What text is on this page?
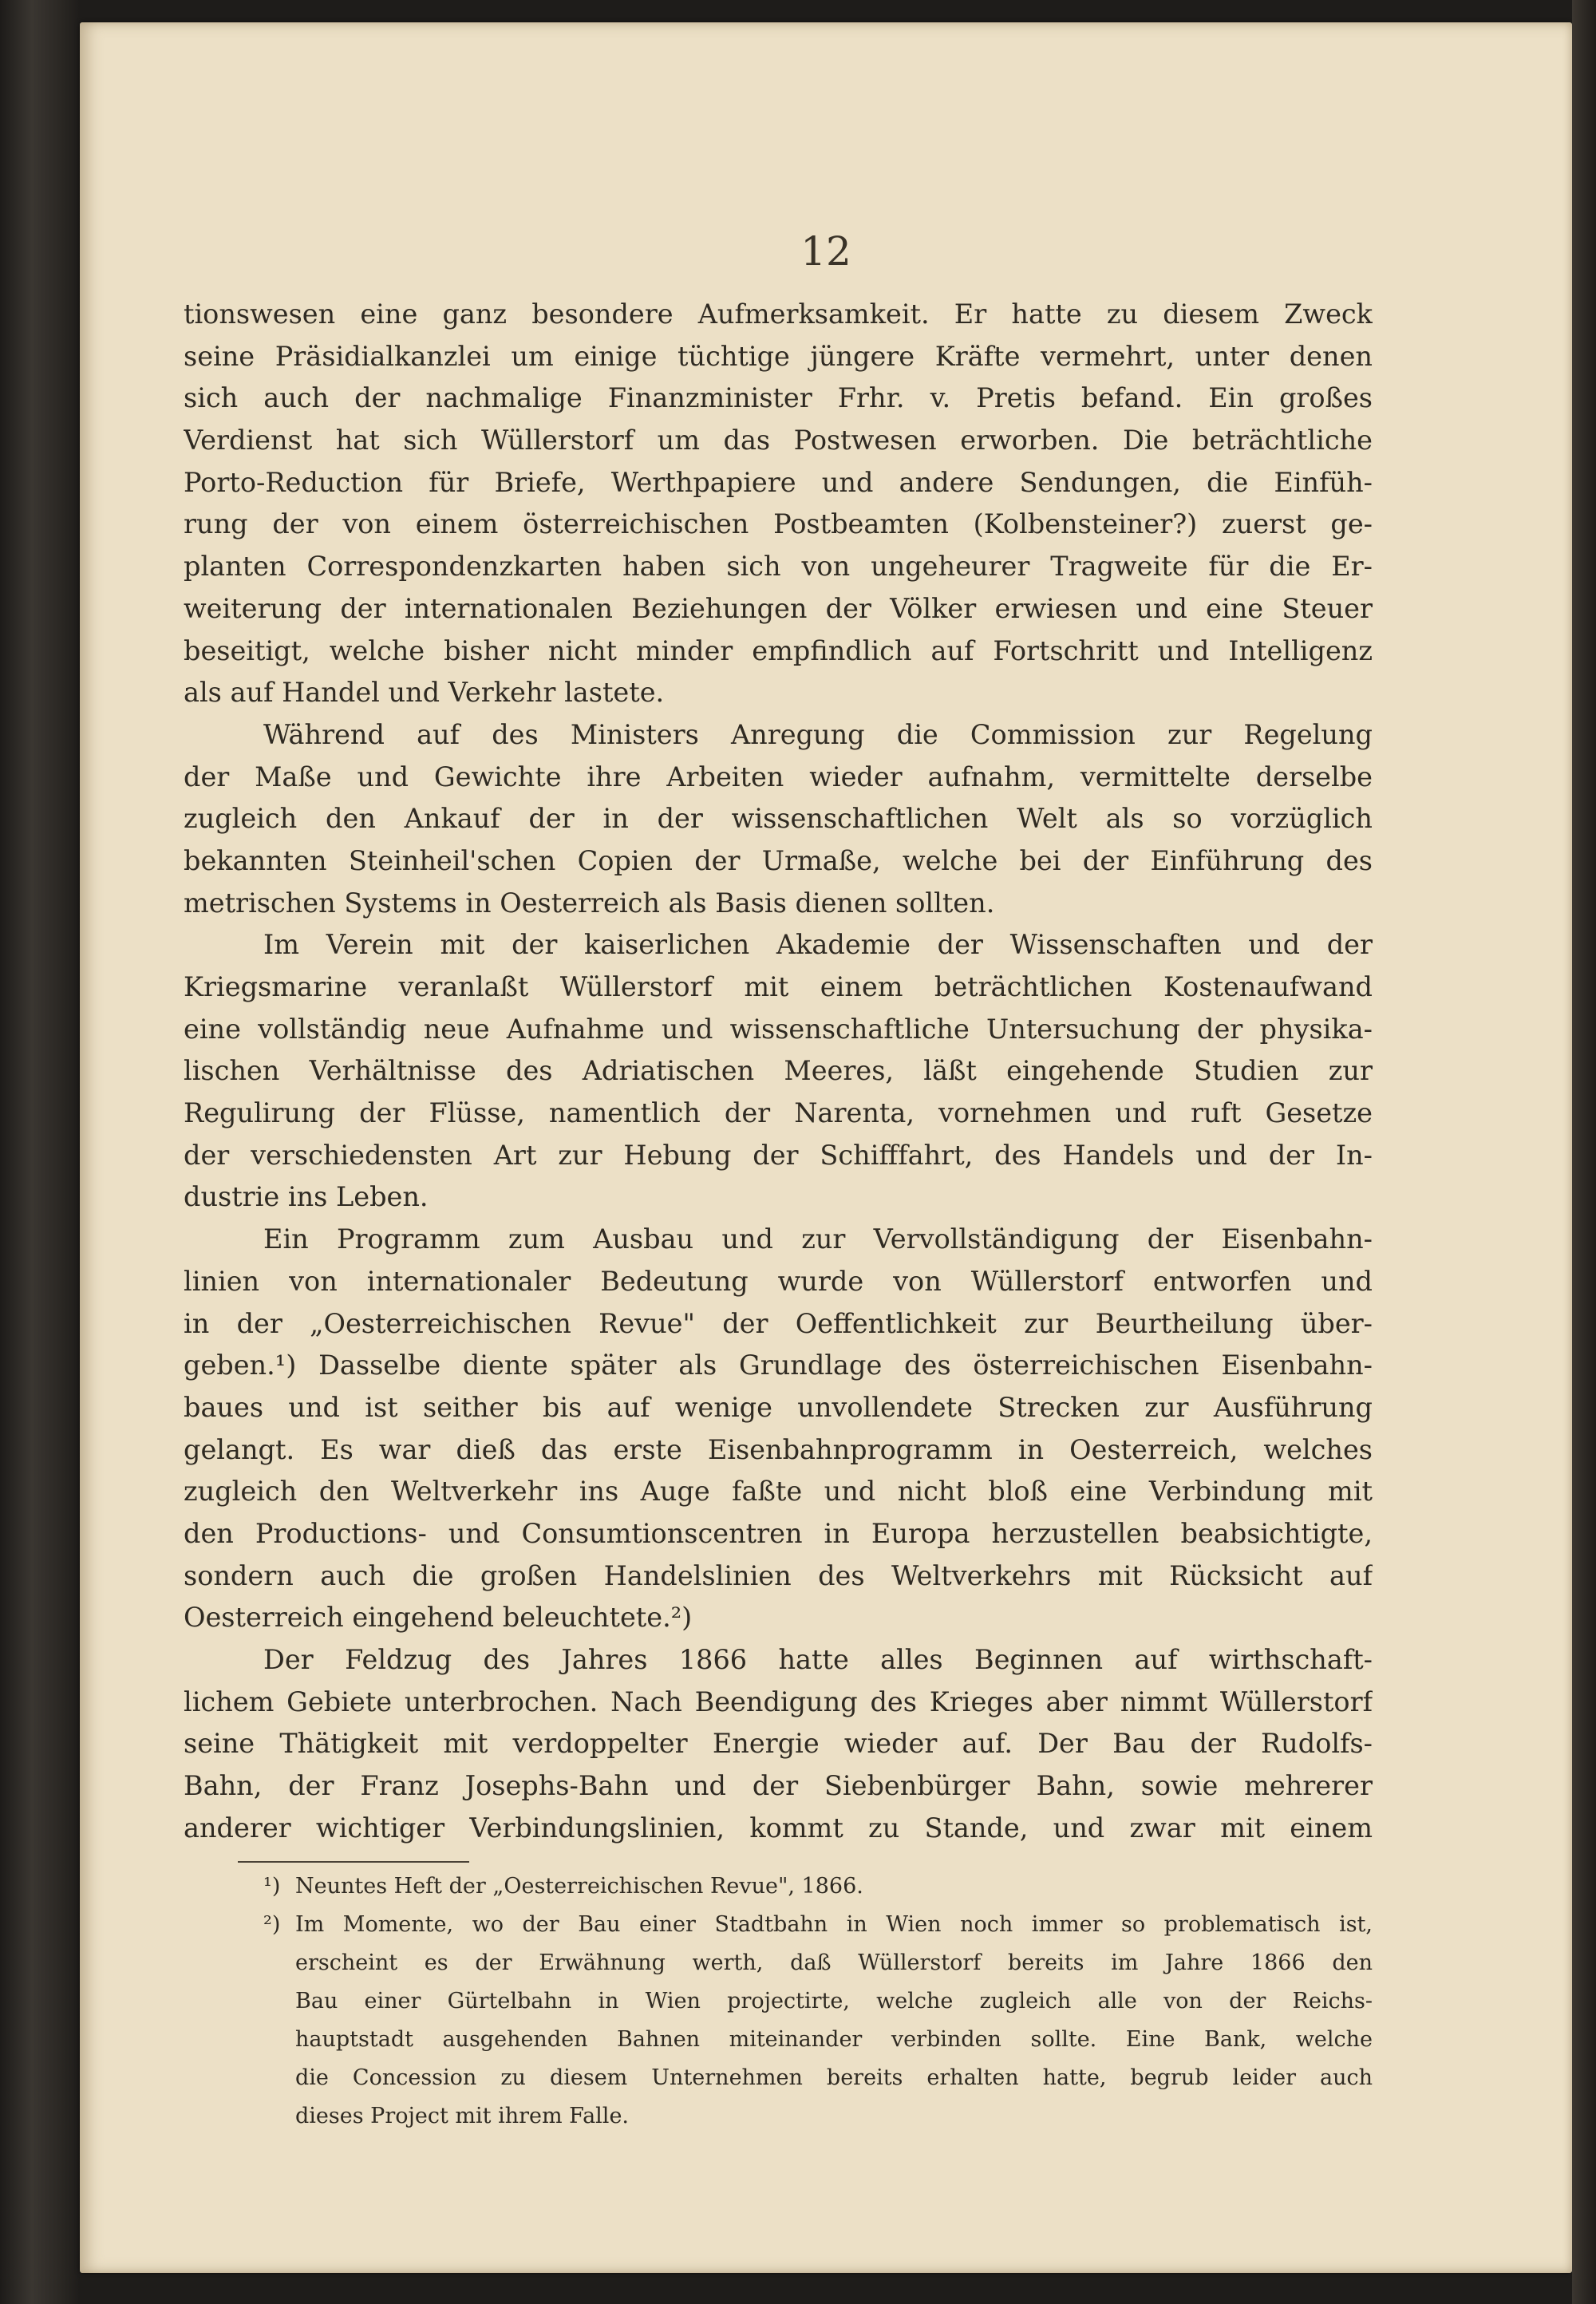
12
tionswesen eine ganz besondere Aufmerksamkeit. Er hatte zu diesem Zweck
seine Präsidialkanzlei um einige tüchtige jüngere Kräfte vermehrt, unter denen
sich auch der nachmalige Finanzminister Frhr. v. Pretis befand. Ein großes
Verdienst hat sich Wüllerstorf um das Postwesen erworben. Die beträchtliche
Porto-Reduction für Briefe, Werthpapiere und andere Sendungen, die Einfüh-
rung der von einem österreichischen Postbeamten (Kolbensteiner?) zuerst ge-
planten Correspondenzkarten haben sich von ungeheurer Tragweite für die Er-
weiterung der internationalen Beziehungen der Völker erwiesen und eine Steuer
beseitigt, welche bisher nicht minder empfindlich auf Fortschritt und Intelligenz
als auf Handel und Verkehr lastete.
Während auf des Ministers Anregung die Commission zur Regelung
der Maße und Gewichte ihre Arbeiten wieder aufnahm, vermittelte derselbe
zugleich den Ankauf der in der wissenschaftlichen Welt als so vorzüglich
bekannten Steinheil'schen Copien der Urmaße, welche bei der Einführung des
metrischen Systems in Oesterreich als Basis dienen sollten.
Im Verein mit der kaiserlichen Akademie der Wissenschaften und der
Kriegsmarine veranlaßt Wüllerstorf mit einem beträchtlichen Kostenaufwand
eine vollständig neue Aufnahme und wissenschaftliche Untersuchung der physika-
lischen Verhältnisse des Adriatischen Meeres, läßt eingehende Studien zur
Regulirung der Flüsse, namentlich der Narenta, vornehmen und ruft Gesetze
der verschiedensten Art zur Hebung der Schifffahrt, des Handels und der In-
dustrie ins Leben.
Ein Programm zum Ausbau und zur Vervollständigung der Eisenbahn-
linien von internationaler Bedeutung wurde von Wüllerstorf entworfen und
in der „Oesterreichischen Revue" der Oeffentlichkeit zur Beurtheilung über-
geben.¹) Dasselbe diente später als Grundlage des österreichischen Eisenbahn-
baues und ist seither bis auf wenige unvollendete Strecken zur Ausführung
gelangt. Es war dieß das erste Eisenbahnprogramm in Oesterreich, welches
zugleich den Weltverkehr ins Auge faßte und nicht bloß eine Verbindung mit
den Productions- und Consumtionscentren in Europa herzustellen beabsichtigte,
sondern auch die großen Handelslinien des Weltverkehrs mit Rücksicht auf
Oesterreich eingehend beleuchtete.²)
Der Feldzug des Jahres 1866 hatte alles Beginnen auf wirthschaft-
lichem Gebiete unterbrochen. Nach Beendigung des Krieges aber nimmt Wüllerstorf
seine Thätigkeit mit verdoppelter Energie wieder auf. Der Bau der Rudolfs-
Bahn, der Franz Josephs-Bahn und der Siebenbürger Bahn, sowie mehrerer
anderer wichtiger Verbindungslinien, kommt zu Stande, und zwar mit einem
¹) Neuntes Heft der „Oesterreichischen Revue", 1866.
²) Im Momente, wo der Bau einer Stadtbahn in Wien noch immer so problematisch ist,
erscheint es der Erwähnung werth, daß Wüllerstorf bereits im Jahre 1866 den
Bau einer Gürtelbahn in Wien projectirte, welche zugleich alle von der Reichs-
hauptstadt ausgehenden Bahnen miteinander verbinden sollte. Eine Bank, welche
die Concession zu diesem Unternehmen bereits erhalten hatte, begrub leider auch
dieses Project mit ihrem Falle.
